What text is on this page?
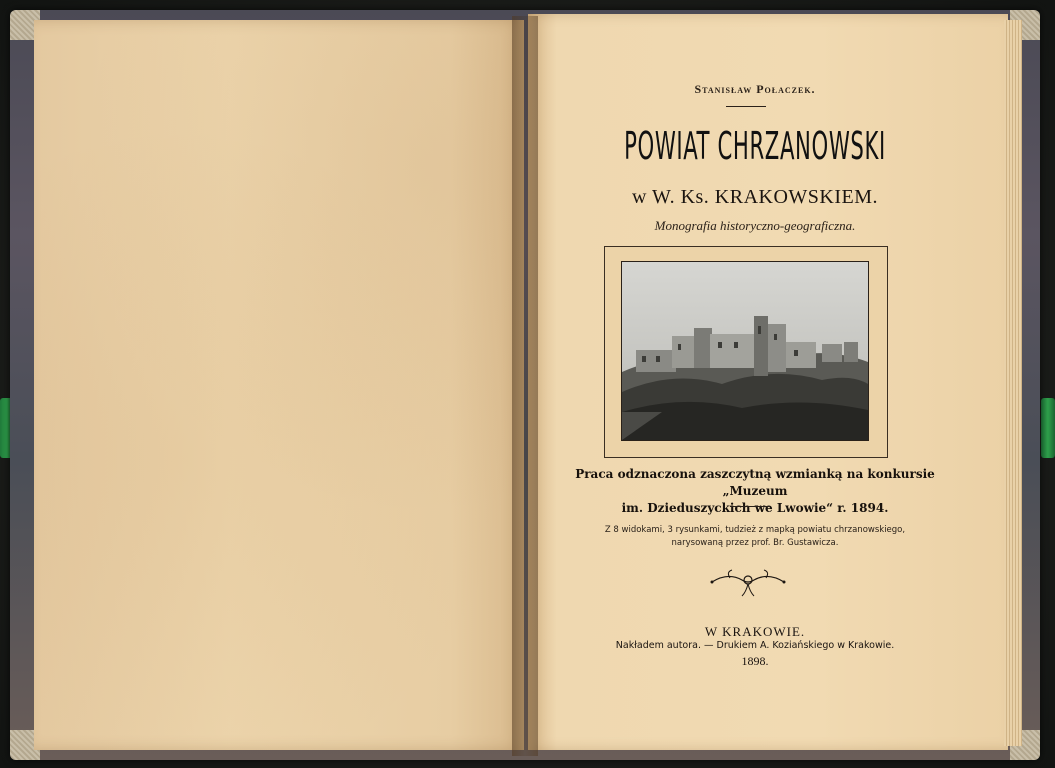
Stanisław Połaczek.
POWIAT CHRZANOWSKI
w W. Ks. KRAKOWSKIEM.
Monografia historyczno-geograficzna.
Praca odznaczona zaszczytną wzmianką na konkursie „Muzeum
im. Dzieduszyckich we Lwowie“ r. 1894.
Z 8 widokami, 3 rysunkami, tudzież z mapką powiatu chrzanowskiego,
narysowaną przez prof. Br. Gustawicza.
W KRAKOWIE.
Nakładem autora. — Drukiem A. Koziańskiego w Krakowie.
1898.
